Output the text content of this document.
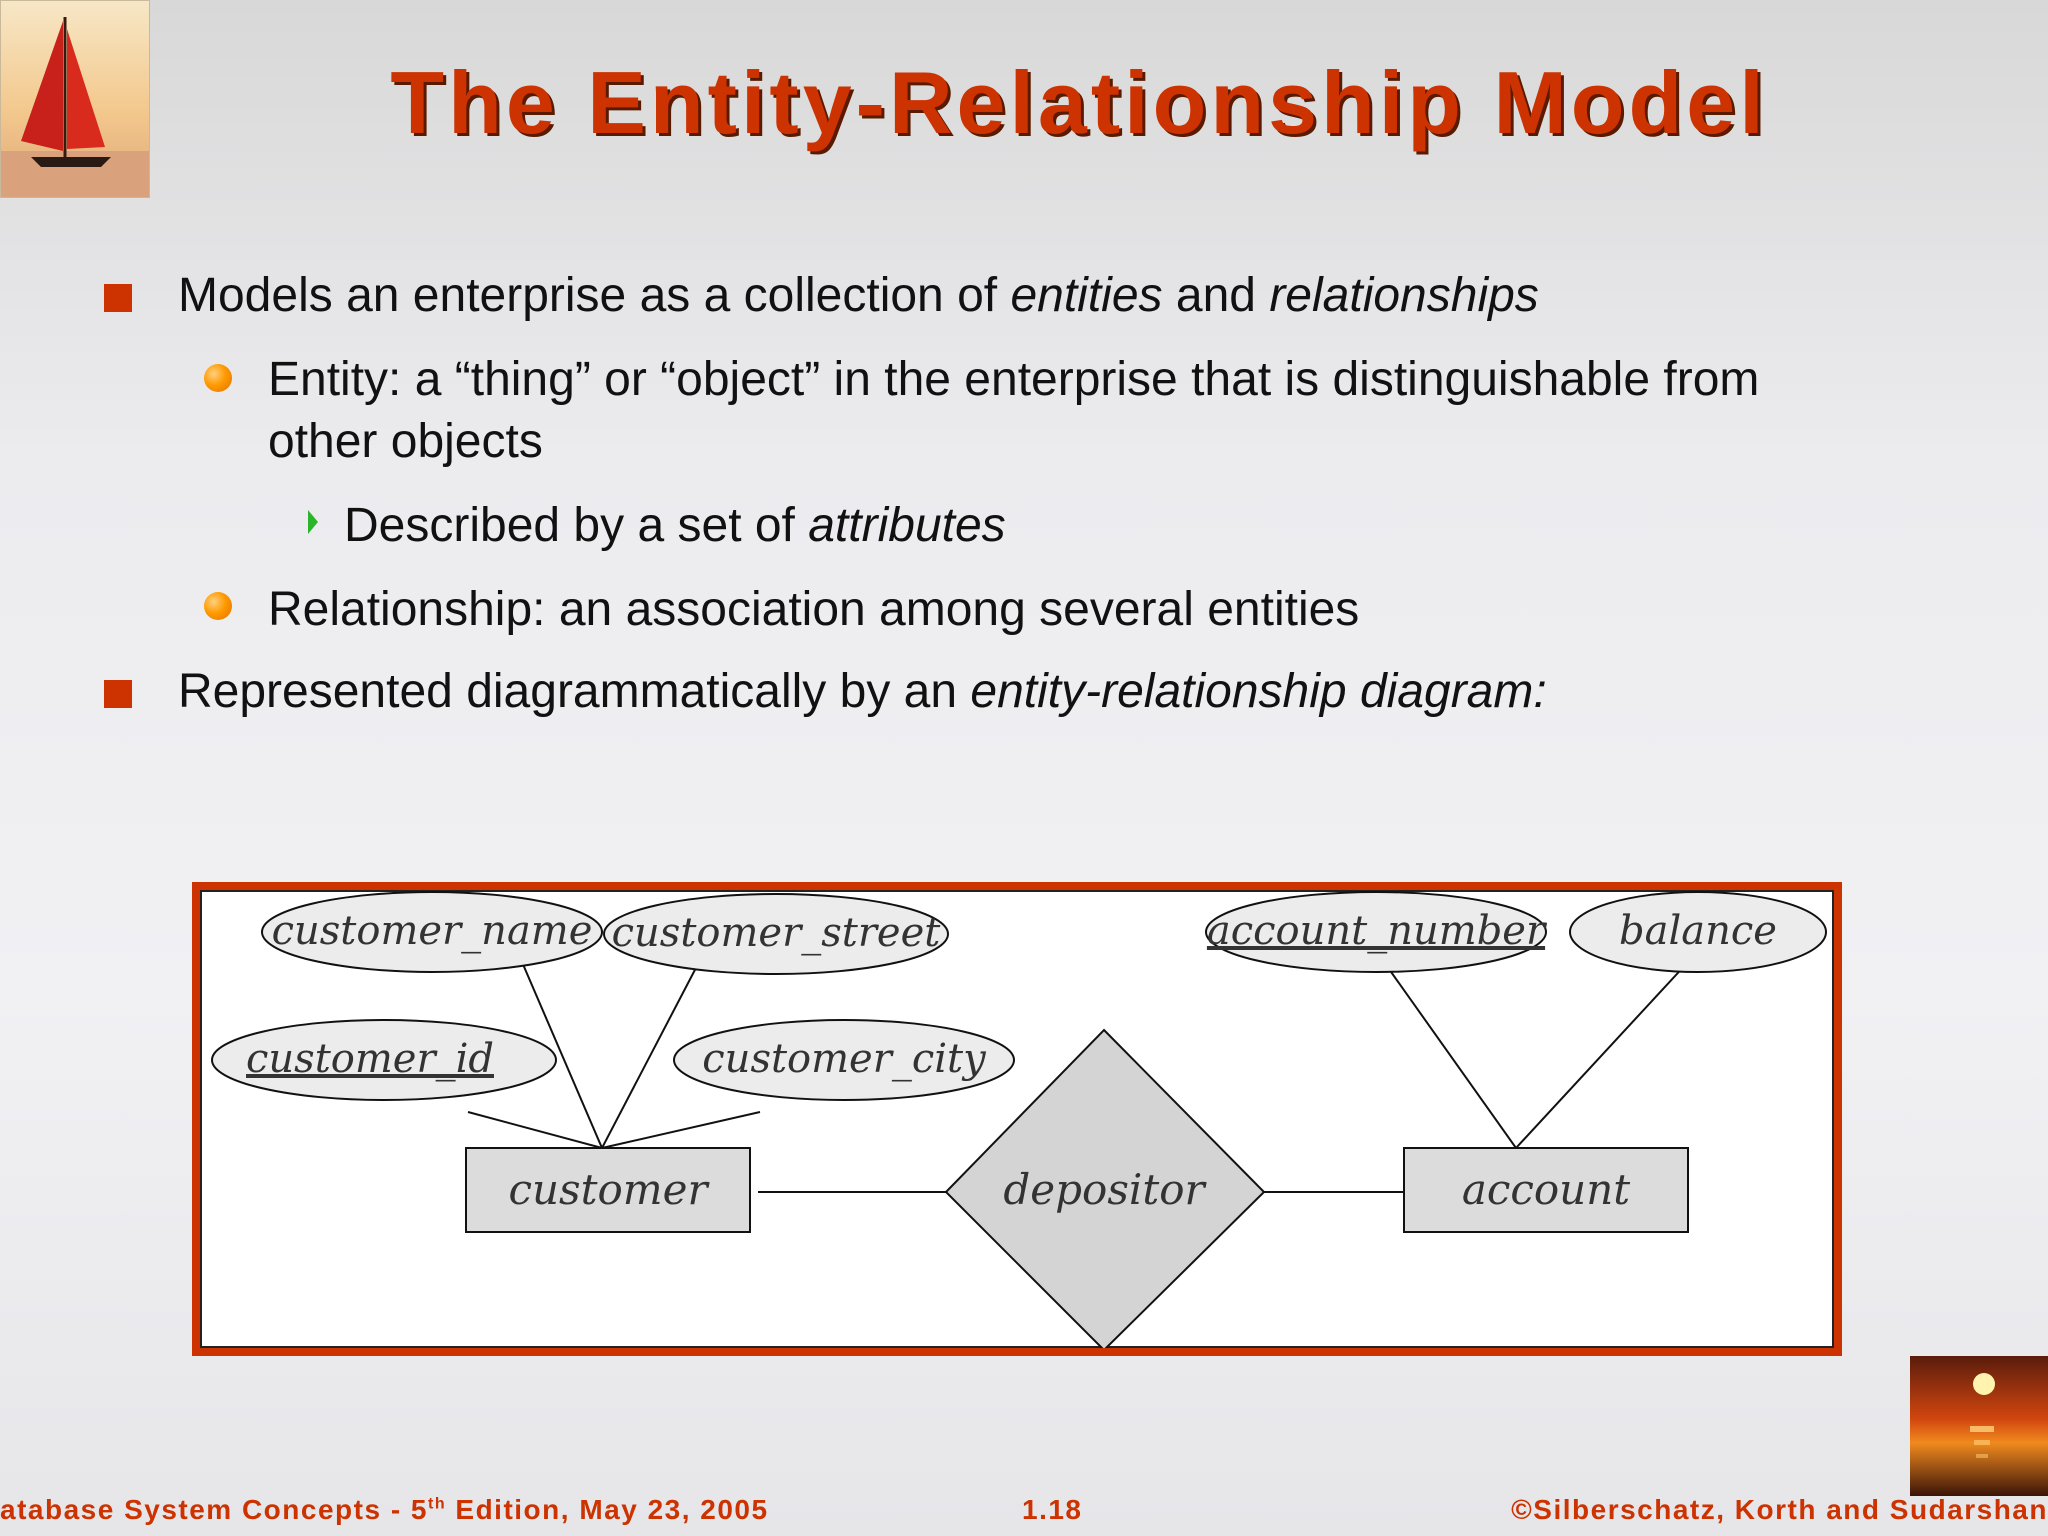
The Entity-Relationship Model
Models an enterprise as a collection of entities and relationships
Entity: a “thing” or “object” in the enterprise that is distinguishable from
other objects
Described by a set of attributes
Relationship: an association among several entities
Represented diagrammatically by an entity-relationship diagram:
customer_name customer_street
customer_id	customer_city
account_number balance
customer	account
depositor
atabase System Concepts - 5th Edition, May 23, 2005	1.18	©Silberschatz, Korth and Sudarshan
